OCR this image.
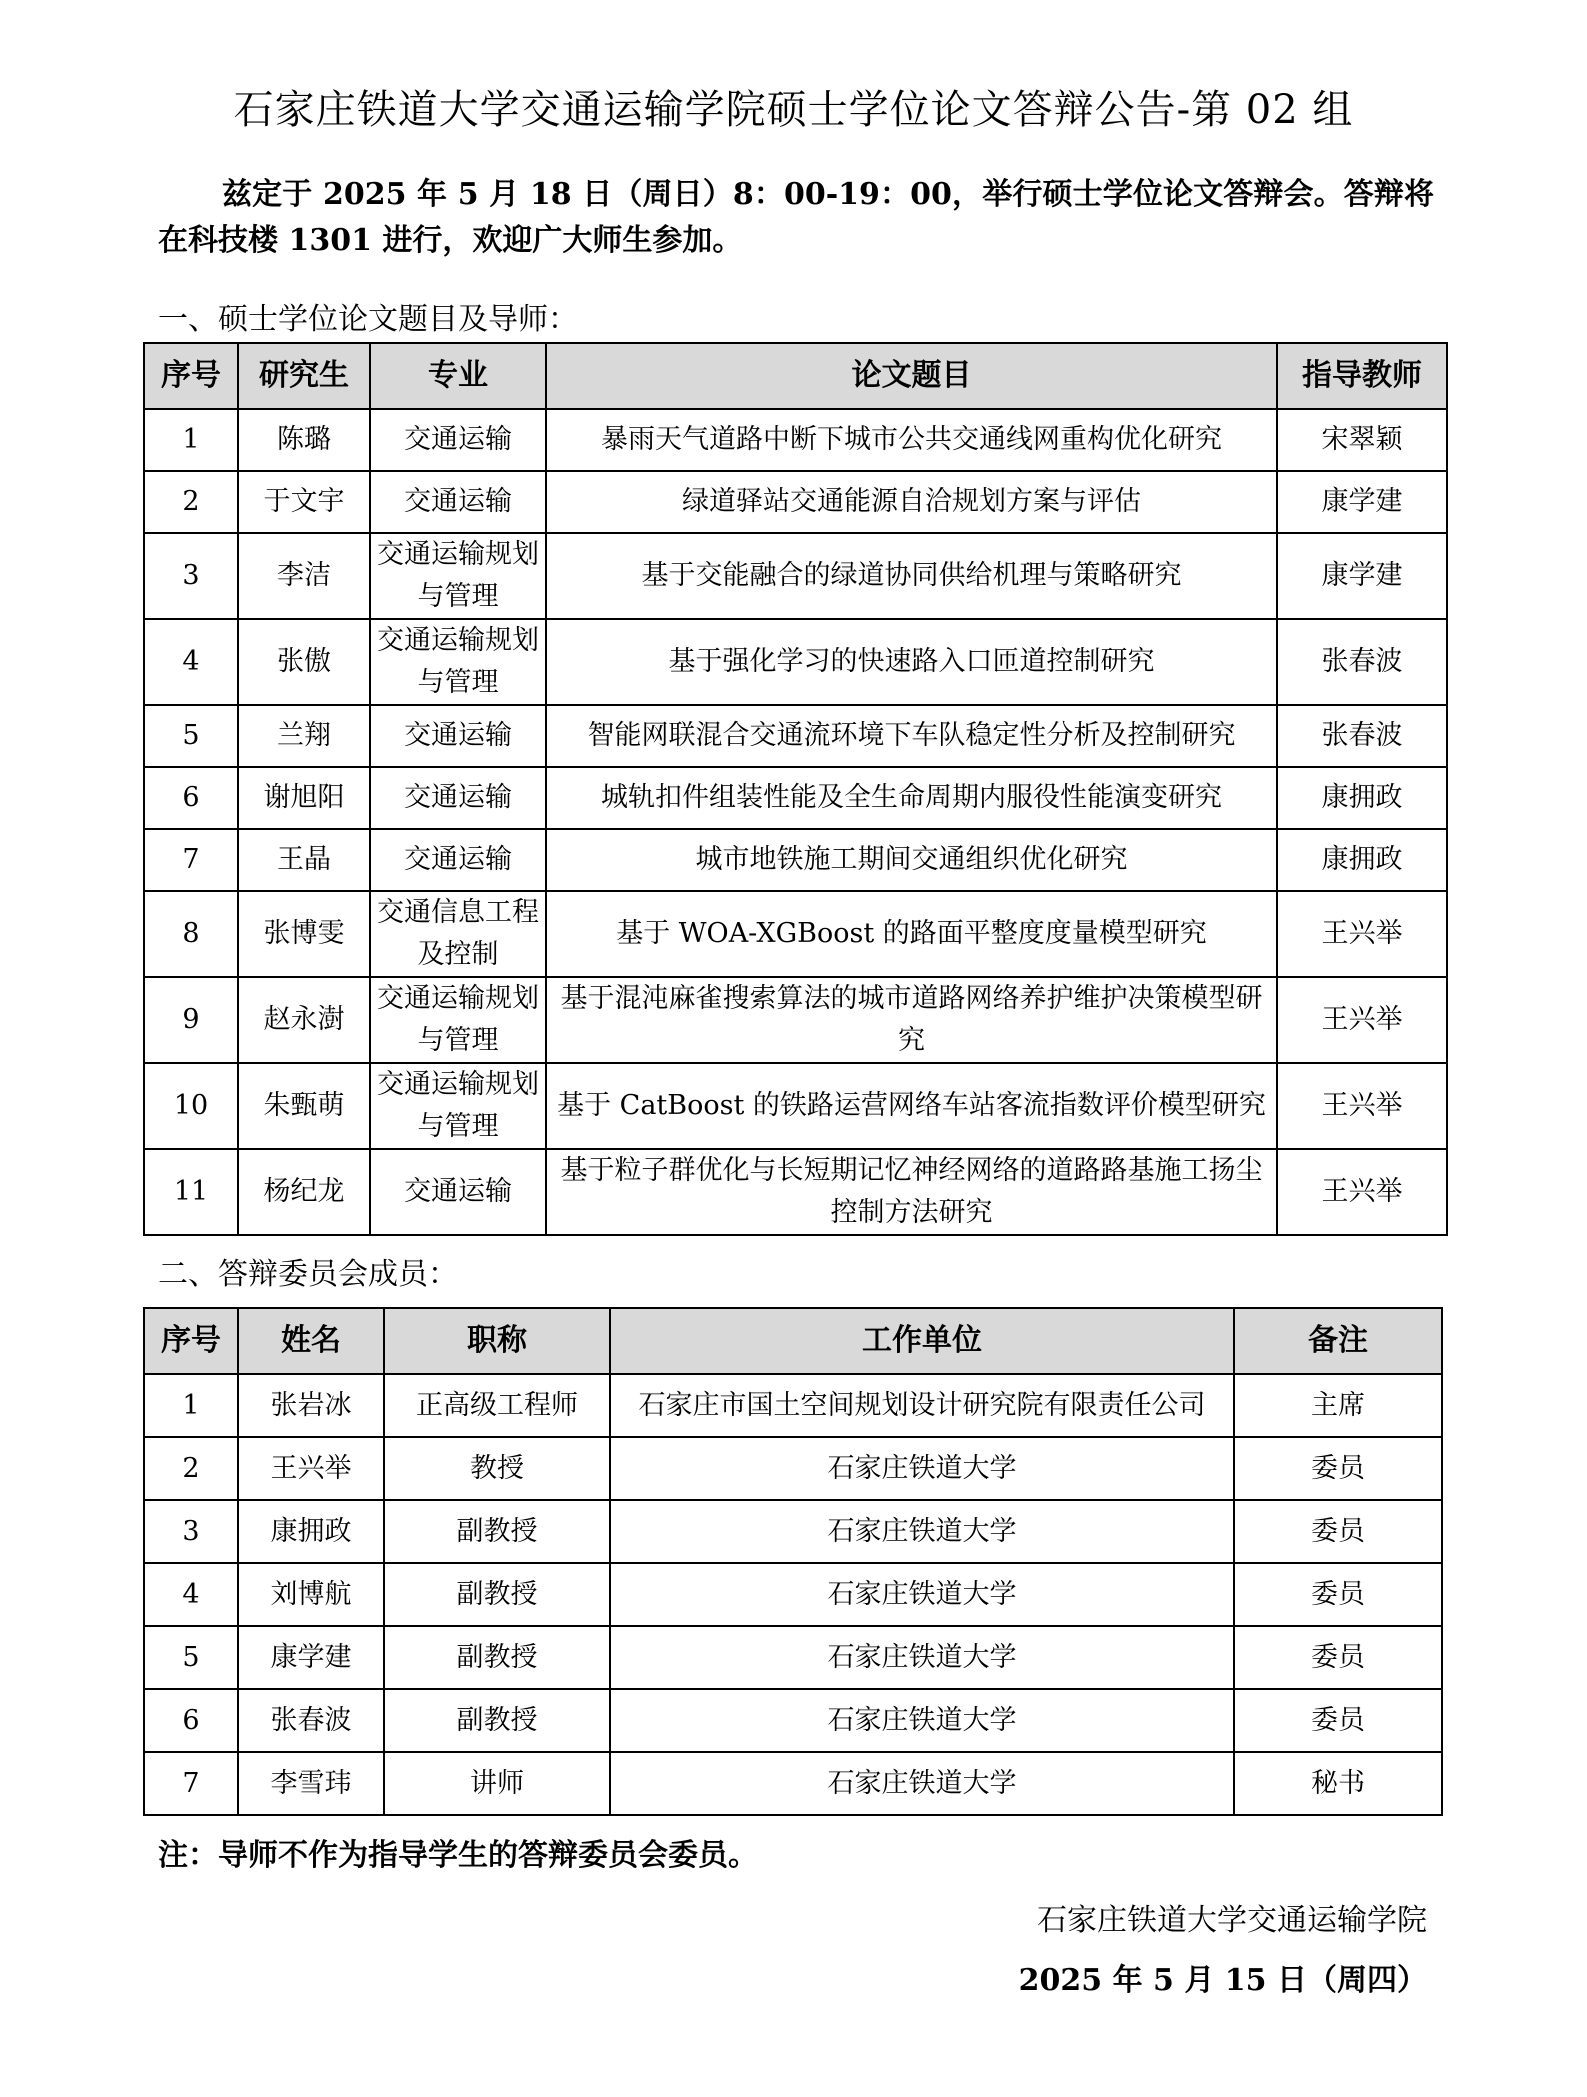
石家庄铁道大学交通运输学院硕士学位论文答辩公告-第 02 组

兹定于 2025 年 5 月 18 日（周日）8：00-19：00，举行硕士学位论文答辩会。答辩将在科技楼 1301 进行，欢迎广大师生参加。

一、硕士学位论文题目及导师：
序号	研究生	专业	论文题目	指导教师
1	陈璐	交通运输	暴雨天气道路中断下城市公共交通线网重构优化研究	宋翠颖
2	于文宇	交通运输	绿道驿站交通能源自洽规划方案与评估	康学建
3	李洁	交通运输规划与管理	基于交能融合的绿道协同供给机理与策略研究	康学建
4	张傲	交通运输规划与管理	基于强化学习的快速路入口匝道控制研究	张春波
5	兰翔	交通运输	智能网联混合交通流环境下车队稳定性分析及控制研究	张春波
6	谢旭阳	交通运输	城轨扣件组装性能及全生命周期内服役性能演变研究	康拥政
7	王晶	交通运输	城市地铁施工期间交通组织优化研究	康拥政
8	张博雯	交通信息工程及控制	基于 WOA-XGBoost 的路面平整度度量模型研究	王兴举
9	赵永澍	交通运输规划与管理	基于混沌麻雀搜索算法的城市道路网络养护维护决策模型研究	王兴举
10	朱甄萌	交通运输规划与管理	基于 CatBoost 的铁路运营网络车站客流指数评价模型研究	王兴举
11	杨纪龙	交通运输	基于粒子群优化与长短期记忆神经网络的道路路基施工扬尘控制方法研究	王兴举
二、答辩委员会成员：
序号	姓名	职称	工作单位	备注
1	张岩冰	正高级工程师	石家庄市国土空间规划设计研究院有限责任公司	主席
2	王兴举	教授	石家庄铁道大学	委员
3	康拥政	副教授	石家庄铁道大学	委员
4	刘博航	副教授	石家庄铁道大学	委员
5	康学建	副教授	石家庄铁道大学	委员
6	张春波	副教授	石家庄铁道大学	委员
7	李雪玮	讲师	石家庄铁道大学	秘书
注：导师不作为指导学生的答辩委员会委员。
石家庄铁道大学交通运输学院
2025 年 5 月 15 日（周四）
